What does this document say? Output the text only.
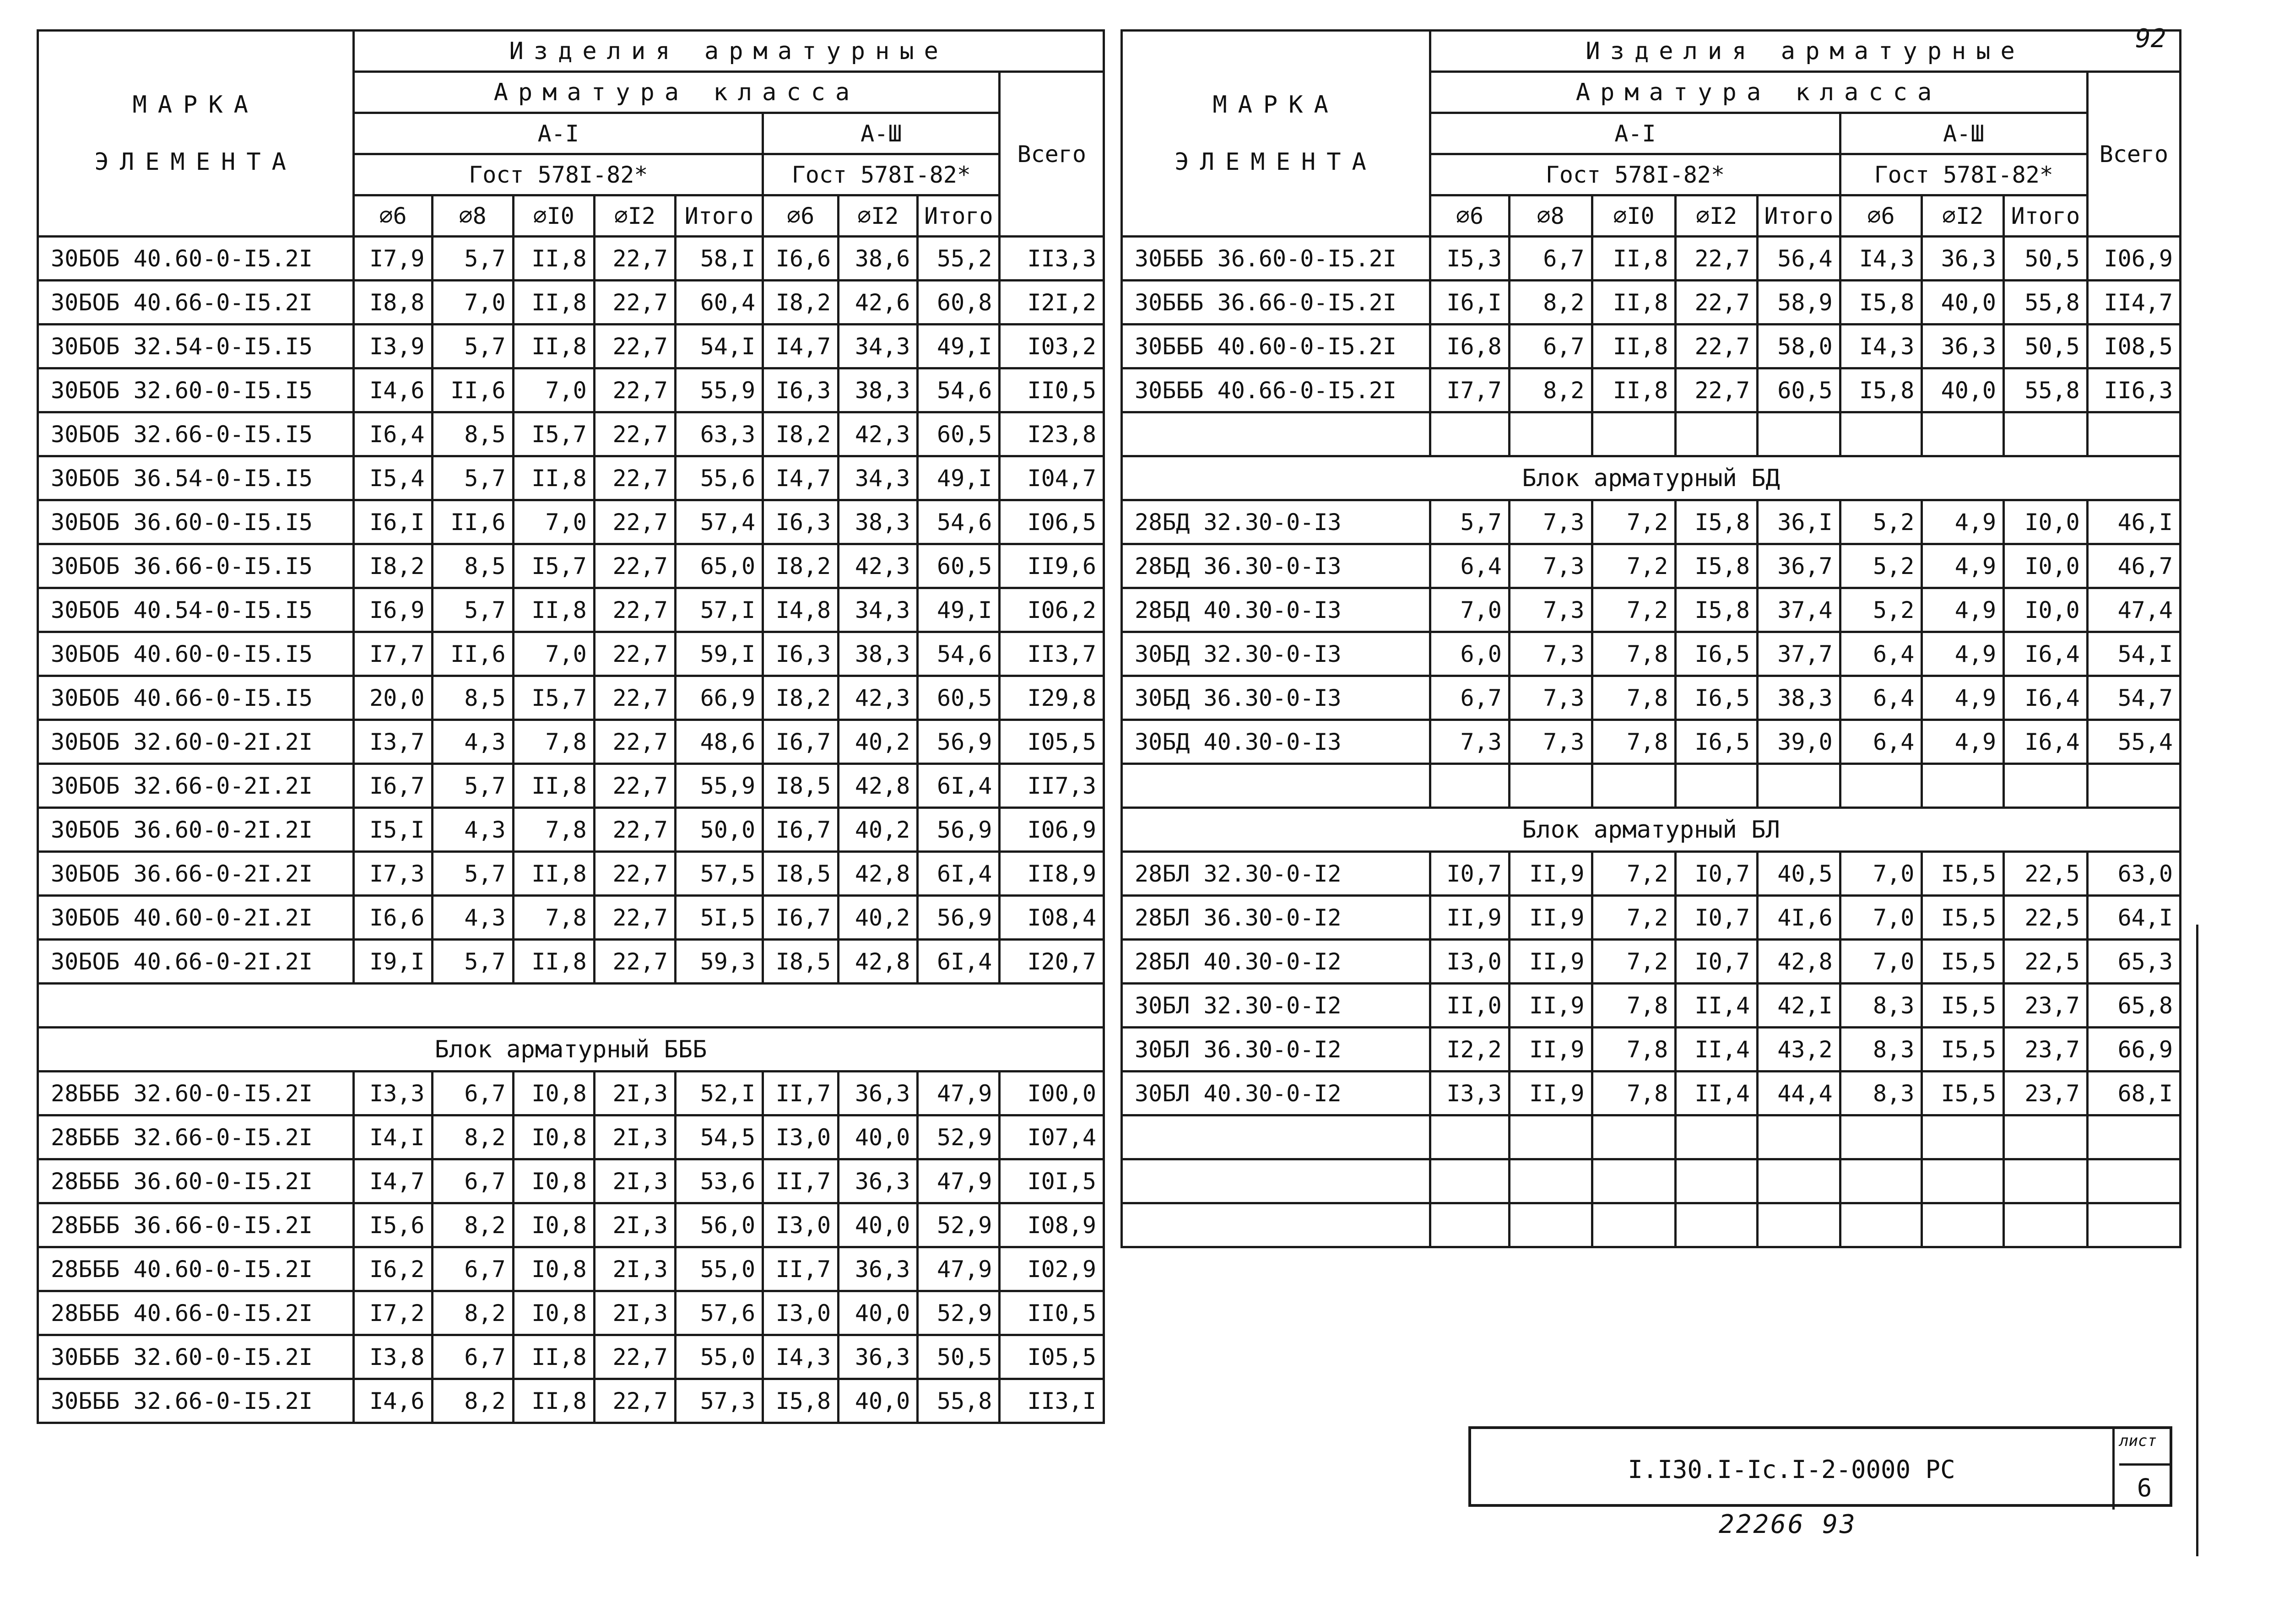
92
МАРКА
ЭЛЕМЕНТА	Изделия арматурные								
	Арматура класса								Всего
	А-I					А-Ш			
	Гост 578I-82*					Гост 578I-82*			
	⌀6	⌀8	⌀I0	⌀I2	Итого	⌀6	⌀I2	Итого	
30БОБ 40.60-0-I5.2I	I7,9	5,7	II,8	22,7	58,I	I6,6	38,6	55,2	II3,3
30БОБ 40.66-0-I5.2I	I8,8	7,0	II,8	22,7	60,4	I8,2	42,6	60,8	I2I,2
30БОБ 32.54-0-I5.I5	I3,9	5,7	II,8	22,7	54,I	I4,7	34,3	49,I	I03,2
30БОБ 32.60-0-I5.I5	I4,6	II,6	7,0	22,7	55,9	I6,3	38,3	54,6	II0,5
30БОБ 32.66-0-I5.I5	I6,4	8,5	I5,7	22,7	63,3	I8,2	42,3	60,5	I23,8
30БОБ 36.54-0-I5.I5	I5,4	5,7	II,8	22,7	55,6	I4,7	34,3	49,I	I04,7
30БОБ 36.60-0-I5.I5	I6,I	II,6	7,0	22,7	57,4	I6,3	38,3	54,6	I06,5
30БОБ 36.66-0-I5.I5	I8,2	8,5	I5,7	22,7	65,0	I8,2	42,3	60,5	II9,6
30БОБ 40.54-0-I5.I5	I6,9	5,7	II,8	22,7	57,I	I4,8	34,3	49,I	I06,2
30БОБ 40.60-0-I5.I5	I7,7	II,6	7,0	22,7	59,I	I6,3	38,3	54,6	II3,7
30БОБ 40.66-0-I5.I5	20,0	8,5	I5,7	22,7	66,9	I8,2	42,3	60,5	I29,8
30БОБ 32.60-0-2I.2I	I3,7	4,3	7,8	22,7	48,6	I6,7	40,2	56,9	I05,5
30БОБ 32.66-0-2I.2I	I6,7	5,7	II,8	22,7	55,9	I8,5	42,8	6I,4	II7,3
30БОБ 36.60-0-2I.2I	I5,I	4,3	7,8	22,7	50,0	I6,7	40,2	56,9	I06,9
30БОБ 36.66-0-2I.2I	I7,3	5,7	II,8	22,7	57,5	I8,5	42,8	6I,4	II8,9
30БОБ 40.60-0-2I.2I	I6,6	4,3	7,8	22,7	5I,5	I6,7	40,2	56,9	I08,4
30БОБ 40.66-0-2I.2I	I9,I	5,7	II,8	22,7	59,3	I8,5	42,8	6I,4	I20,7

Блок арматурный БББ									
28БББ 32.60-0-I5.2I	I3,3	6,7	I0,8	2I,3	52,I	II,7	36,3	47,9	I00,0
28БББ 32.66-0-I5.2I	I4,I	8,2	I0,8	2I,3	54,5	I3,0	40,0	52,9	I07,4
28БББ 36.60-0-I5.2I	I4,7	6,7	I0,8	2I,3	53,6	II,7	36,3	47,9	I0I,5
28БББ 36.66-0-I5.2I	I5,6	8,2	I0,8	2I,3	56,0	I3,0	40,0	52,9	I08,9
28БББ 40.60-0-I5.2I	I6,2	6,7	I0,8	2I,3	55,0	II,7	36,3	47,9	I02,9
28БББ 40.66-0-I5.2I	I7,2	8,2	I0,8	2I,3	57,6	I3,0	40,0	52,9	II0,5
30БББ 32.60-0-I5.2I	I3,8	6,7	II,8	22,7	55,0	I4,3	36,3	50,5	I05,5
30БББ 32.66-0-I5.2I	I4,6	8,2	II,8	22,7	57,3	I5,8	40,0	55,8	II3,I
МАРКА
ЭЛЕМЕНТА	Изделия арматурные								
	Арматура класса								Всего
	А-I					А-Ш			
	Гост 578I-82*					Гост 578I-82*			
	⌀6	⌀8	⌀I0	⌀I2	Итого	⌀6	⌀I2	Итого	
30БББ 36.60-0-I5.2I	I5,3	6,7	II,8	22,7	56,4	I4,3	36,3	50,5	I06,9
30БББ 36.66-0-I5.2I	I6,I	8,2	II,8	22,7	58,9	I5,8	40,0	55,8	II4,7
30БББ 40.60-0-I5.2I	I6,8	6,7	II,8	22,7	58,0	I4,3	36,3	50,5	I08,5
30БББ 40.66-0-I5.2I	I7,7	8,2	II,8	22,7	60,5	I5,8	40,0	55,8	II6,3

Блок арматурный БД									
28БД 32.30-0-I3	5,7	7,3	7,2	I5,8	36,I	5,2	4,9	I0,0	46,I
28БД 36.30-0-I3	6,4	7,3	7,2	I5,8	36,7	5,2	4,9	I0,0	46,7
28БД 40.30-0-I3	7,0	7,3	7,2	I5,8	37,4	5,2	4,9	I0,0	47,4
30БД 32.30-0-I3	6,0	7,3	7,8	I6,5	37,7	6,4	4,9	I6,4	54,I
30БД 36.30-0-I3	6,7	7,3	7,8	I6,5	38,3	6,4	4,9	I6,4	54,7
30БД 40.30-0-I3	7,3	7,3	7,8	I6,5	39,0	6,4	4,9	I6,4	55,4

Блок арматурный БЛ									
28БЛ 32.30-0-I2	I0,7	II,9	7,2	I0,7	40,5	7,0	I5,5	22,5	63,0
28БЛ 36.30-0-I2	II,9	II,9	7,2	I0,7	4I,6	7,0	I5,5	22,5	64,I
28БЛ 40.30-0-I2	I3,0	II,9	7,2	I0,7	42,8	7,0	I5,5	22,5	65,3
30БЛ 32.30-0-I2	II,0	II,9	7,8	II,4	42,I	8,3	I5,5	23,7	65,8
30БЛ 36.30-0-I2	I2,2	II,9	7,8	II,4	43,2	8,3	I5,5	23,7	66,9
30БЛ 40.30-0-I2	I3,3	II,9	7,8	II,4	44,4	8,3	I5,5	23,7	68,I

I.I30.I-Ic.I-2-0000 PC
лист
6
22266 93
